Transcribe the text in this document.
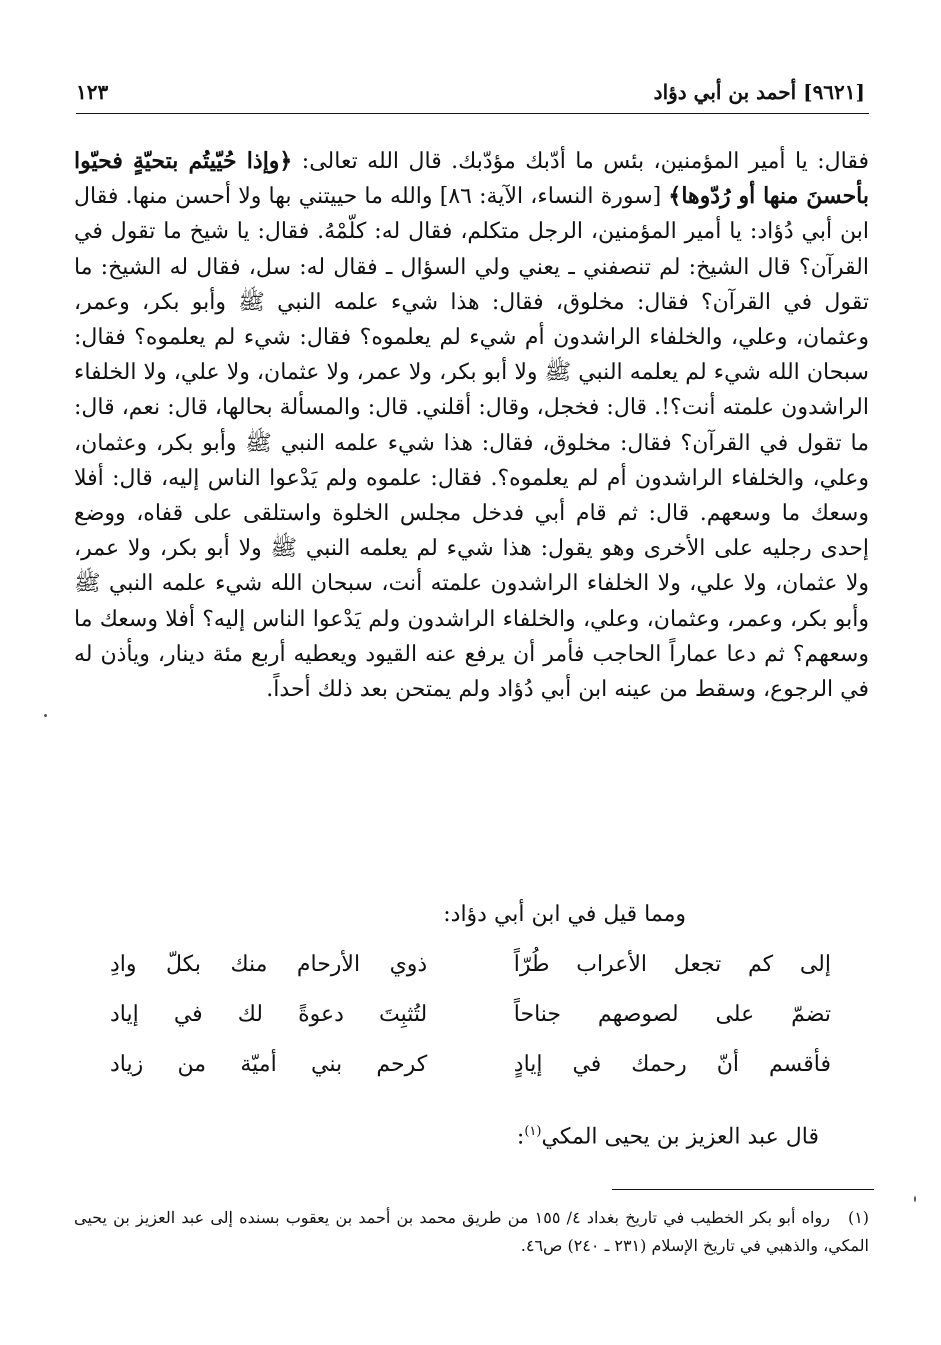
[٩٦٢١] أحمد بن أبي دؤاد
١٢٣

فقال: يا أمير المؤمنين، بئس ما أدّبك مؤدّبك. قال الله تعالى: ﴿وإذا حُيّيتُم بتحيّةٍ فحيّوا بأحسنَ منها أو رُدّوها﴾ [سورة النساء، الآية: ٨٦] والله ما حييتني بها ولا أحسن منها. فقال ابن أبي دُؤاد: يا أمير المؤمنين، الرجل متكلم، فقال له: كلّمْهُ. فقال: يا شيخ ما تقول في القرآن؟ قال الشيخ: لم تنصفني ـ يعني ولي السؤال ـ فقال له: سل، فقال له الشيخ: ما تقول في القرآن؟ فقال: مخلوق، فقال: هذا شيء علمه النبي ﷺ وأبو بكر، وعمر، وعثمان، وعلي، والخلفاء الراشدون أم شيء لم يعلموه؟ فقال: شيء لم يعلموه؟ فقال: سبحان الله شيء لم يعلمه النبي ﷺ ولا أبو بكر، ولا عمر، ولا عثمان، ولا علي، ولا الخلفاء الراشدون علمته أنت؟!. قال: فخجل، وقال: أقلني. قال: والمسألة بحالها، قال: نعم، قال: ما تقول في القرآن؟ فقال: مخلوق، فقال: هذا شيء علمه النبي ﷺ وأبو بكر، وعثمان، وعلي، والخلفاء الراشدون أم لم يعلموه؟. فقال: علموه ولم يَدْعوا الناس إليه، قال: أفلا وسعك ما وسعهم. قال: ثم قام أبي فدخل مجلس الخلوة واستلقى على قفاه، ووضع إحدى رجليه على الأخرى وهو يقول: هذا شيء لم يعلمه النبي ﷺ ولا أبو بكر، ولا عمر، ولا عثمان، ولا علي، ولا الخلفاء الراشدون علمته أنت، سبحان الله شيء علمه النبي ﷺ وأبو بكر، وعمر، وعثمان، وعلي، والخلفاء الراشدون ولم يَدْعوا الناس إليه؟ أفلا وسعك ما وسعهم؟ ثم دعا عماراً الحاجب فأمر أن يرفع عنه القيود ويعطيه أربع مئة دينار، ويأذن له في الرجوع، وسقط من عينه ابن أبي دُؤاد ولم يمتحن بعد ذلك أحداً.

ومما قيل في ابن أبي دؤاد:
إلى كم تجعل الأعراب طُرّاً
ذوي الأرحام منك بكلّ وادِ
تضمّ على لصوصهم جناحاً
لتُثبِتَ دعوةً لك في إياد
فأقسم أنّ رحمك في إيادٍ
كرحم بني أميّة من زياد
قال عبد العزيز بن يحيى المكي$^{(١)}$:
(١)رواه أبو بكر الخطيب في تاريخ بغداد ٤/ ١٥٥ من طريق محمد بن أحمد بن يعقوب بسنده إلى عبد العزيز بن يحيى المكي، والذهبي في تاريخ الإسلام (٢٣١ ـ ٢٤٠) ص٤٦.
